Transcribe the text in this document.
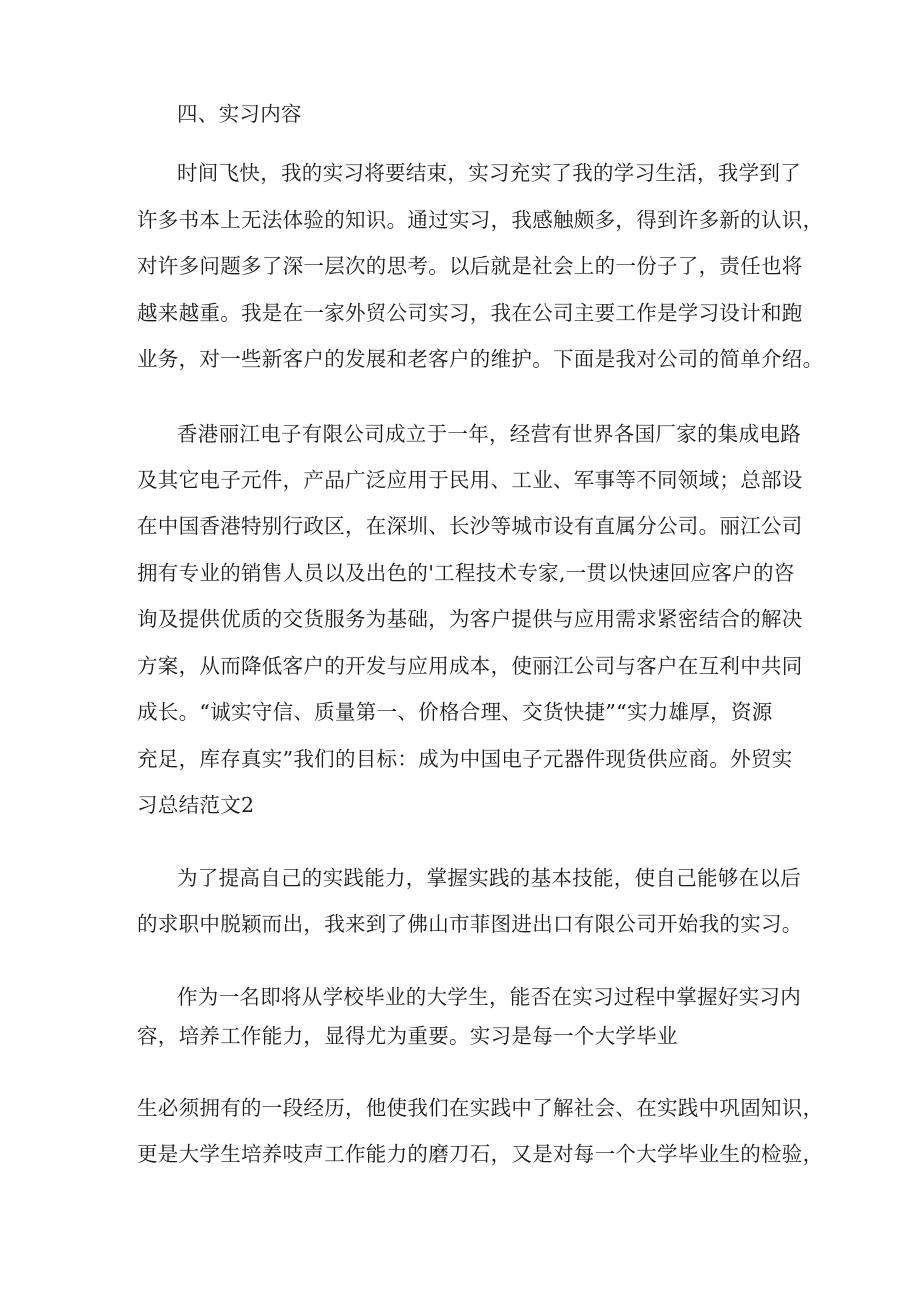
四、实习内容
时间飞快，我的实习将要结束，实习充实了我的学习生活，我学到了
许多书本上无法体验的知识。通过实习，我感触颇多，得到许多新的认识，
对许多问题多了深一层次的思考。以后就是社会上的一份子了，责任也将
越来越重。我是在一家外贸公司实习，我在公司主要工作是学习设计和跑
业务，对一些新客户的发展和老客户的维护。下面是我对公司的简单介绍。
香港丽江电子有限公司成立于一年，经营有世界各国厂家的集成电路
及其它电子元件，产品广泛应用于民用、工业、军事等不同领域；总部设
在中国香港特别行政区，在深圳、长沙等城市设有直属分公司。丽江公司
拥有专业的销售人员以及出色的'工程技术专家,一贯以快速回应客户的咨
询及提供优质的交货服务为基础，为客户提供与应用需求紧密结合的解决
方案，从而降低客户的开发与应用成本，使丽江公司与客户在互利中共同
成长。“诚实守信、质量第一、价格合理、交货快捷”“实力雄厚，资源
充足，库存真实”我们的目标：成为中国电子元器件现货供应商。外贸实
习总结范文2
为了提高自己的实践能力，掌握实践的基本技能，使自己能够在以后
的求职中脱颖而出，我来到了佛山市菲图进出口有限公司开始我的实习。
作为一名即将从学校毕业的大学生，能否在实习过程中掌握好实习内
容，培养工作能力，显得尤为重要。实习是每一个大学毕业
生必须拥有的一段经历，他使我们在实践中了解社会、在实践中巩固知识，
更是大学生培养吱声工作能力的磨刀石，又是对每一个大学毕业生的检验，
